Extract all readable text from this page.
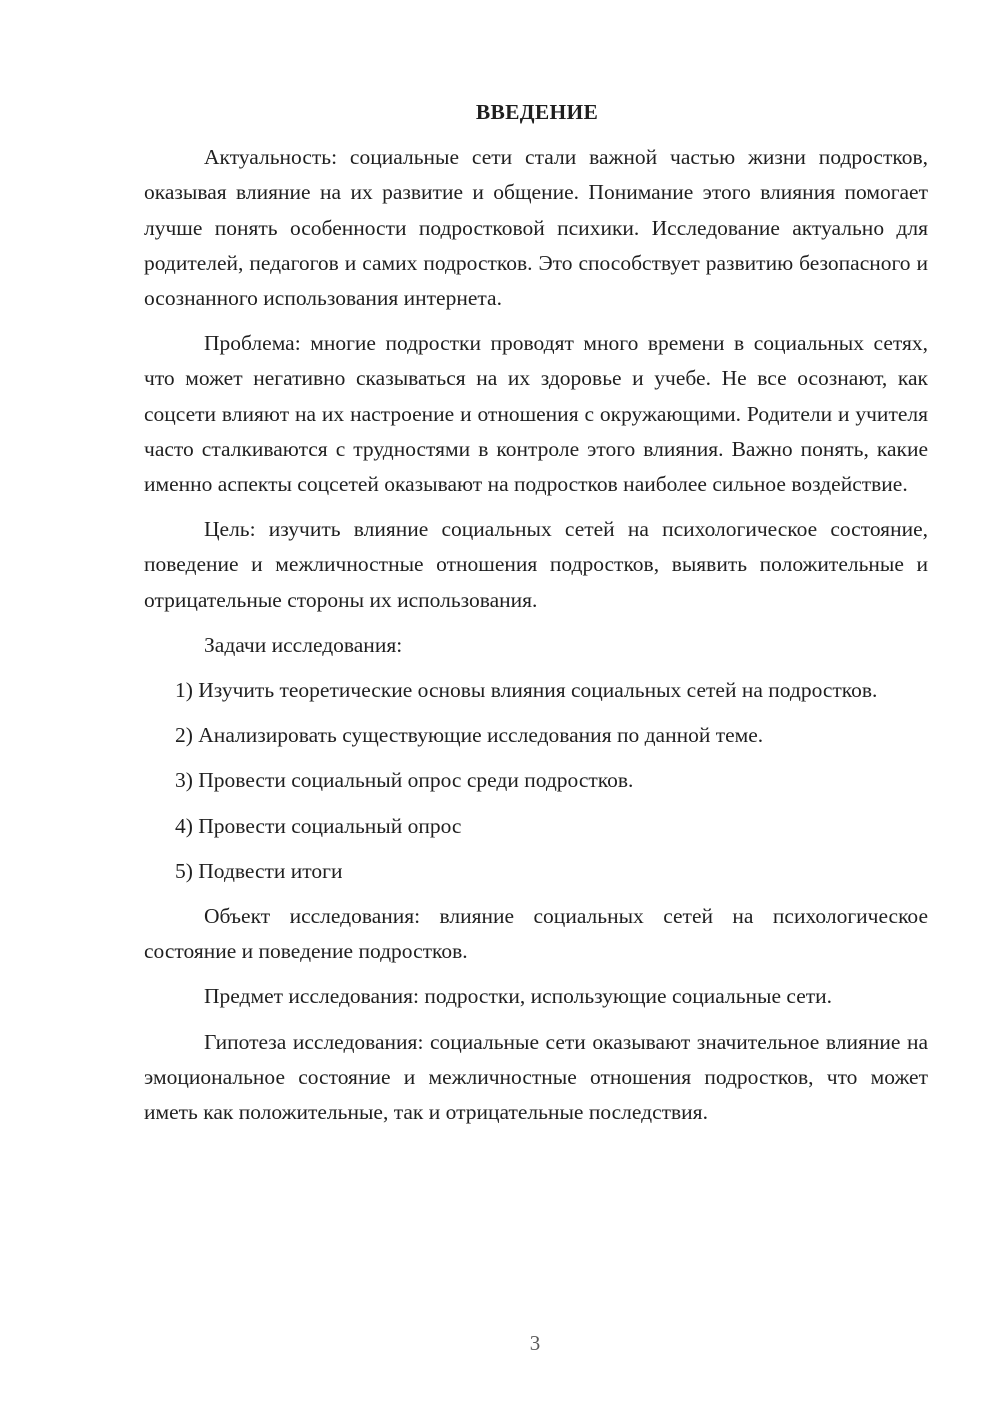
ВВЕДЕНИЕ

Актуальность: социальные сети стали важной частью жизни подростков, оказывая влияние на их развитие и общение. Понимание этого влияния помогает лучше понять особенности подростковой психики. Исследование актуально для родителей, педагогов и самих подростков. Это способствует развитию безопасного и осознанного использования интернета.

Проблема: многие подростки проводят много времени в социальных сетях, что может негативно сказываться на их здоровье и учебе. Не все осознают, как соцсети влияют на их настроение и отношения с окружающими. Родители и учителя часто сталкиваются с трудностями в контроле этого влияния. Важно понять, какие именно аспекты соцсетей оказывают на подростков наиболее сильное воздействие.

Цель: изучить влияние социальных сетей на психологическое состояние, поведение и межличностные отношения подростков, выявить положительные и отрицательные стороны их использования.

Задачи исследования:

1) Изучить теоретические основы влияния социальных сетей на подростков.

2) Анализировать существующие исследования по данной теме.

3) Провести социальный опрос среди подростков.

4) Провести социальный опрос

5) Подвести итоги

Объект исследования: влияние социальных сетей на психологическое состояние и поведение подростков.

Предмет исследования: подростки, использующие социальные сети.

Гипотеза исследования: социальные сети оказывают значительное влияние на эмоциональное состояние и межличностные отношения подростков, что может иметь как положительные, так и отрицательные последствия.

3
